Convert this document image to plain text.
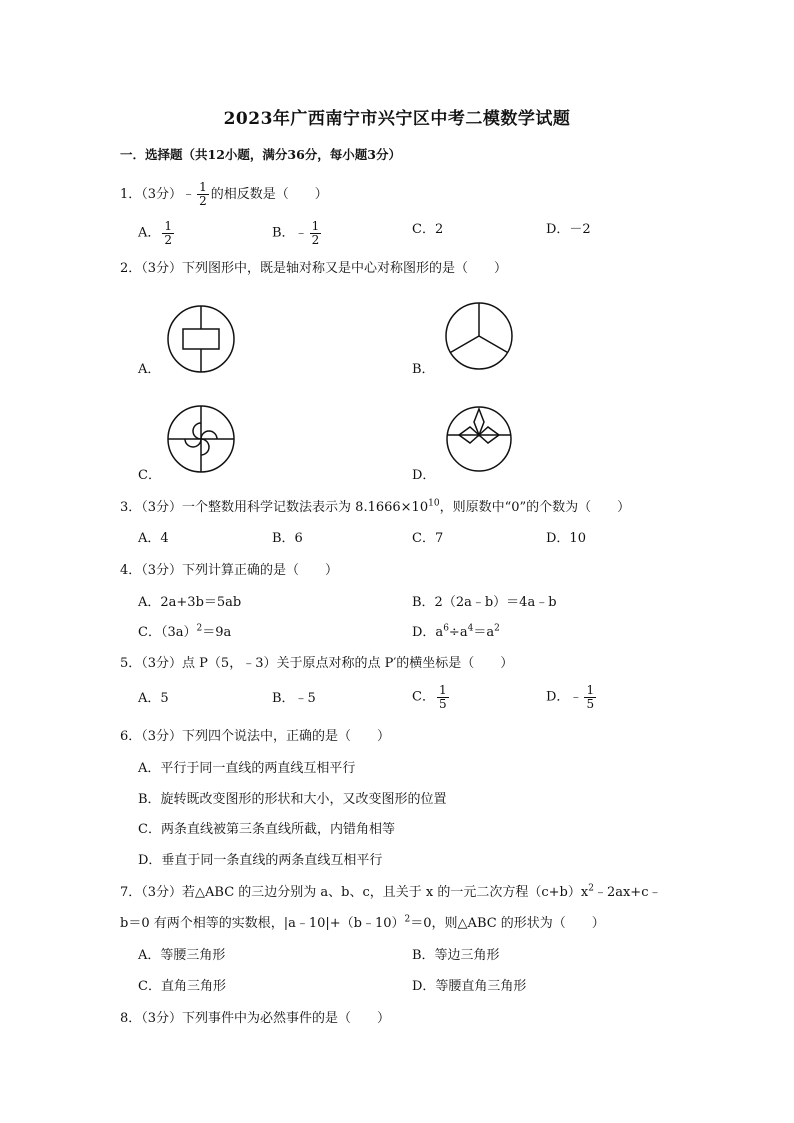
2023年广西南宁市兴宁区中考二模数学试题
一．选择题（共12小题，满分36分，每小题3分）
1．（3分）﹣ $\frac{1}{2}$ 的相反数是（　　）
A． $\frac{1}{2}$	B．﹣ $\frac{1}{2}$	C．2	D．－2
2．（3分）下列图形中，既是轴对称又是中心对称图形的是（　　）
A．	B．
C．	D．
3．（3分）一个整数用科学记数法表示为 $8.1666\times 10^{10}$，则原数中“0”的个数为（　　）
A．4	B．6	C．7	D．10
4．（3分）下列计算正确的是（　　）
A．2a+3b＝5ab	B．2（2a﹣b）＝4a﹣b
C．$(3a)^2=9a$	D．$a^6\div a^4=a^2$
5．（3分）点 P（5，﹣3）关于原点对称的点 P′的横坐标是（　　）
A．5	B．﹣5	C． $\frac{1}{5}$	D．﹣ $\frac{1}{5}$
6．（3分）下列四个说法中，正确的是（　　）
A．平行于同一直线的两直线互相平行
B．旋转既改变图形的形状和大小，又改变图形的位置
C．两条直线被第三条直线所截，内错角相等
D．垂直于同一条直线的两条直线互相平行
7．（3分）若△ABC 的三边分别为 a、b、c，且关于 x 的一元二次方程$(c+b)x^2﹣2ax+c﹣$
b＝0 有两个相等的实数根，|a﹣10|+（b﹣10）$^2$＝0，则△ABC 的形状为（　　）
A．等腰三角形	B．等边三角形
C．直角三角形	D．等腰直角三角形
8．（3分）下列事件中为必然事件的是（　　）
